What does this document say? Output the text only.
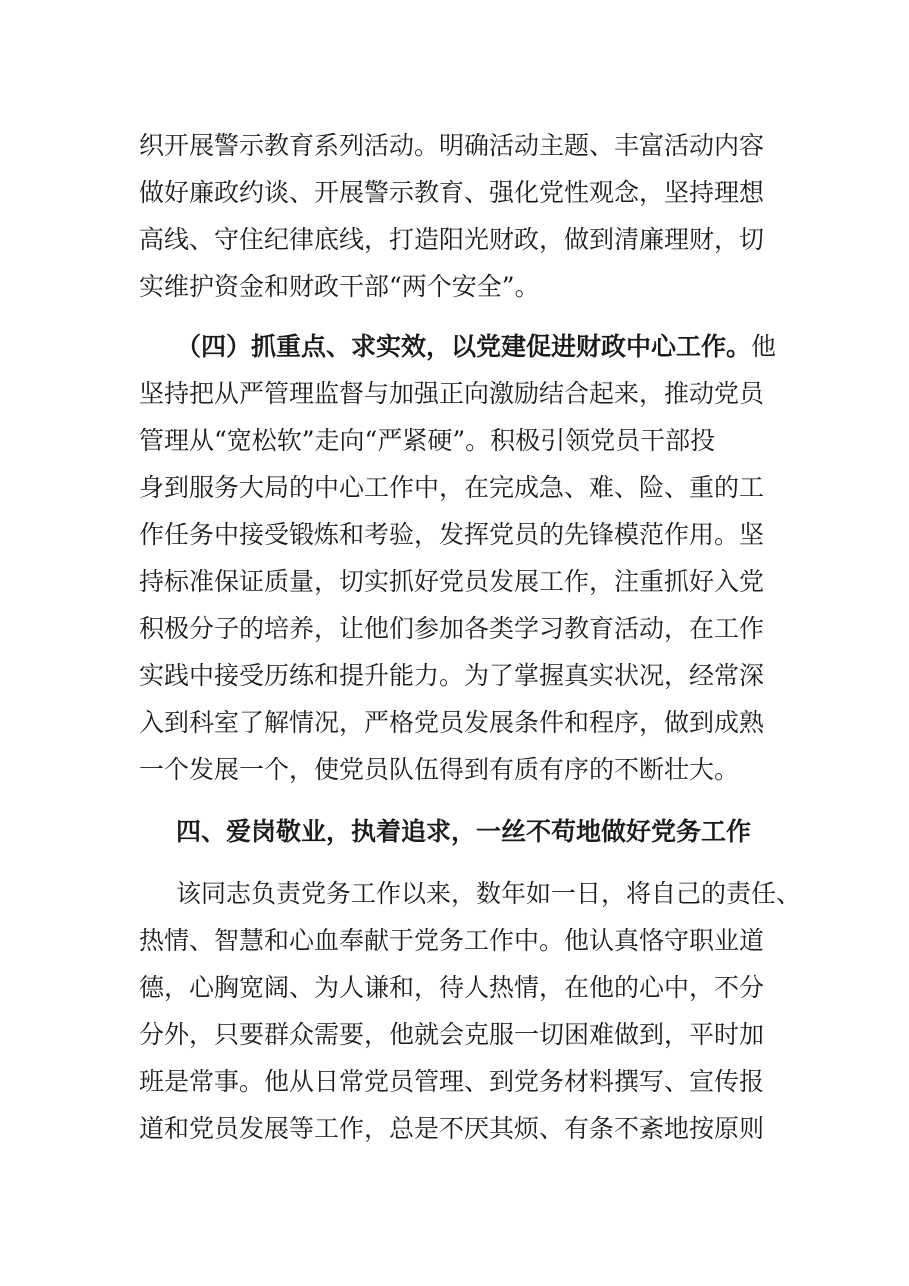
织开展警示教育系列活动。明确活动主题、丰富活动内容
做好廉政约谈、开展警示教育、强化党性观念，坚持理想
高线、守住纪律底线，打造阳光财政，做到清廉理财，切
实维护资金和财政干部“两个安全”。
（四）抓重点、求实效，以党建促进财政中心工作。他
坚持把从严管理监督与加强正向激励结合起来，推动党员
管理从“宽松软”走向“严紧硬”。积极引领党员干部投
身到服务大局的中心工作中，在完成急、难、险、重的工
作任务中接受锻炼和考验，发挥党员的先锋模范作用。坚
持标准保证质量，切实抓好党员发展工作，注重抓好入党
积极分子的培养，让他们参加各类学习教育活动，在工作
实践中接受历练和提升能力。为了掌握真实状况，经常深
入到科室了解情况，严格党员发展条件和程序，做到成熟
一个发展一个，使党员队伍得到有质有序的不断壮大。
四、爱岗敬业，执着追求，一丝不苟地做好党务工作
该同志负责党务工作以来，数年如一日，将自己的责任、
热情、智慧和心血奉献于党务工作中。他认真恪守职业道
德，心胸宽阔、为人谦和，待人热情，在他的心中，不分
分外，只要群众需要，他就会克服一切困难做到，平时加
班是常事。他从日常党员管理、到党务材料撰写、宣传报
道和党员发展等工作，总是不厌其烦、有条不紊地按原则
